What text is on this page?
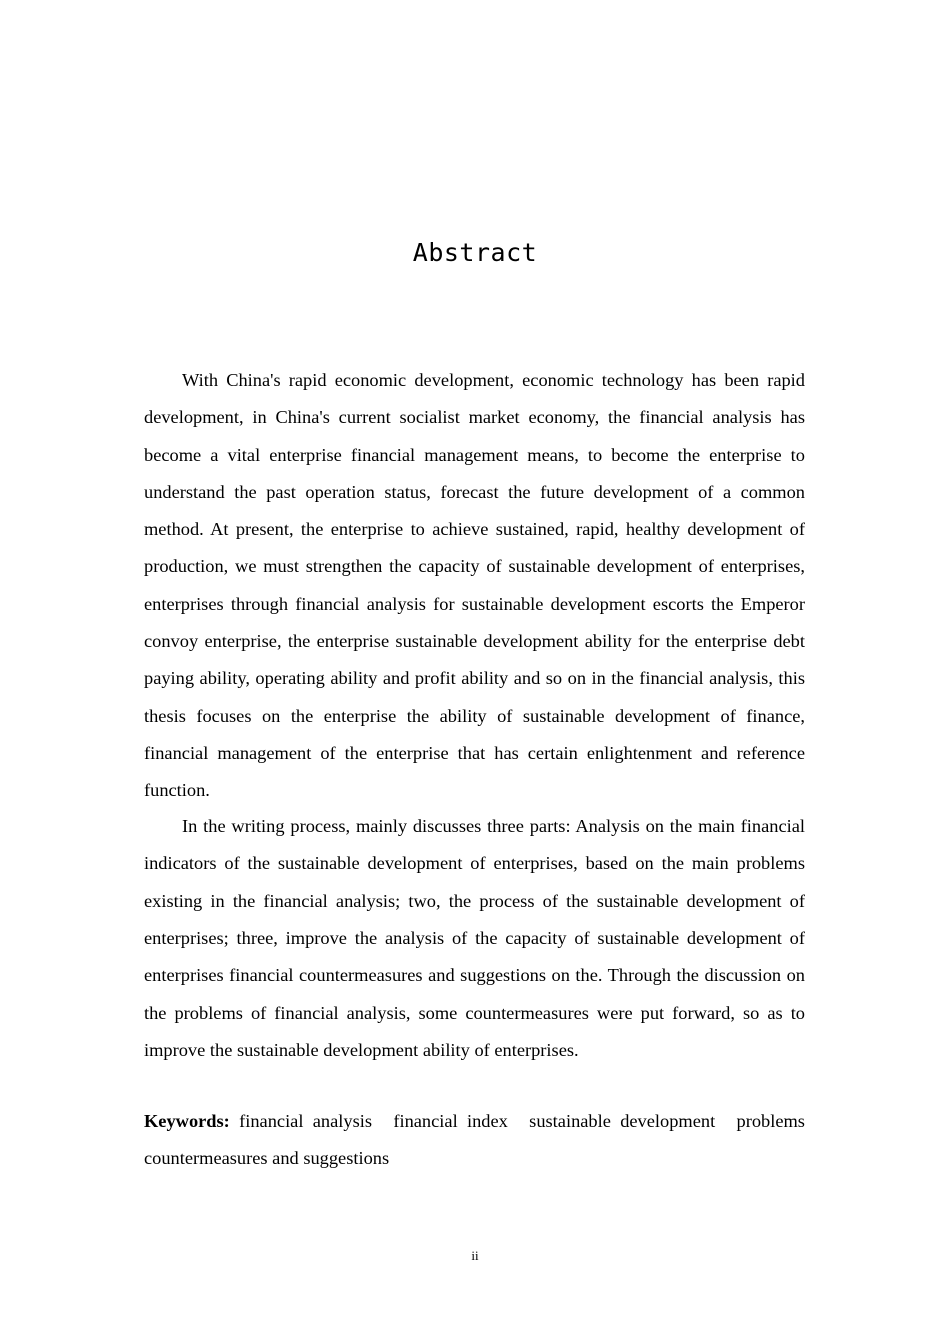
Abstract

With China's rapid economic development, economic technology has been rapid development, in China's current socialist market economy, the financial analysis has become a vital enterprise financial management means, to become the enterprise to understand the past operation status, forecast the future development of a common method. At present, the enterprise to achieve sustained, rapid, healthy development of production, we must strengthen the capacity of sustainable development of enterprises, enterprises through financial analysis for sustainable development escorts the Emperor convoy enterprise, the enterprise sustainable development ability for the enterprise debt paying ability, operating ability and profit ability and so on in the financial analysis, this thesis focuses on the enterprise the ability of sustainable development of finance, financial management of the enterprise that has certain enlightenment and reference function.

In the writing process, mainly discusses three parts: Analysis on the main financial indicators of the sustainable development of enterprises, based on the main problems existing in the financial analysis; two, the process of the sustainable development of enterprises; three, improve the analysis of the capacity of sustainable development of enterprises financial countermeasures and suggestions on the. Through the discussion on the problems of financial analysis, some countermeasures were put forward, so as to improve the sustainable development ability of enterprises.

Keywords: financial analysis financial index sustainable development problems countermeasures and suggestions

ii
